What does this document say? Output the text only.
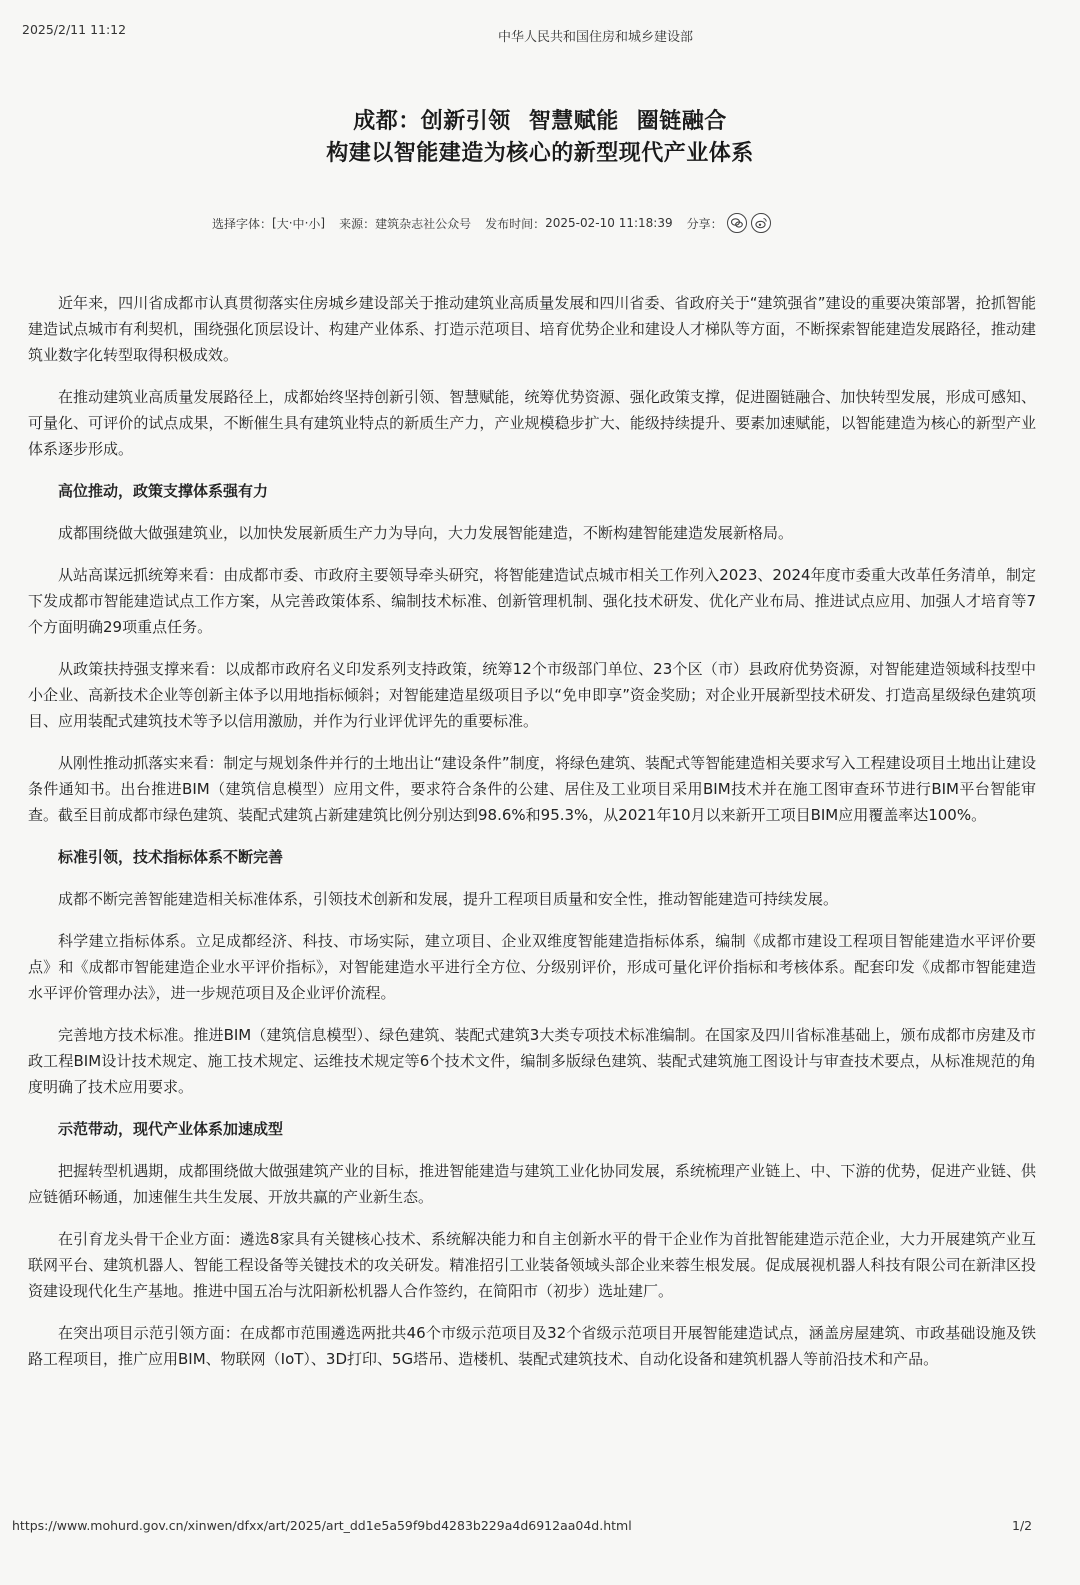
2025/2/11 11:12
中华人民共和国住房和城乡建设部
成都：创新引领 智慧赋能 圈链融合
构建以智能建造为核心的新型现代产业体系
选择字体： [ 大 · 中 · 小 ] 来源： 建筑杂志社公众号 发布时间： 2025-02-10 11:18:39 分享：

近年来，四川省成都市认真贯彻落实住房城乡建设部关于推动建筑业高质量发展和四川省委、省政府关于“建筑强省”建设的重要决策部署，抢抓智能建造试点城市有利契机，围绕强化顶层设计、构建产业体系、打造示范项目、培育优势企业和建设人才梯队等方面，不断探索智能建造发展路径，推动建筑业数字化转型取得积极成效。

在推动建筑业高质量发展路径上，成都始终坚持创新引领、智慧赋能，统筹优势资源、强化政策支撑，促进圈链融合、加快转型发展，形成可感知、可量化、可评价的试点成果，不断催生具有建筑业特点的新质生产力，产业规模稳步扩大、能级持续提升、要素加速赋能，以智能建造为核心的新型产业体系逐步形成。

高位推动，政策支撑体系强有力

成都围绕做大做强建筑业，以加快发展新质生产力为导向，大力发展智能建造，不断构建智能建造发展新格局。

从站高谋远抓统筹来看：由成都市委、市政府主要领导牵头研究，将智能建造试点城市相关工作列入2023、2024年度市委重大改革任务清单，制定下发成都市智能建造试点工作方案，从完善政策体系、编制技术标准、创新管理机制、强化技术研发、优化产业布局、推进试点应用、加强人才培育等7个方面明确29项重点任务。

从政策扶持强支撑来看：以成都市政府名义印发系列支持政策，统筹12个市级部门单位、23个区（市）县政府优势资源，对智能建造领域科技型中小企业、高新技术企业等创新主体予以用地指标倾斜；对智能建造星级项目予以“免申即享”资金奖励；对企业开展新型技术研发、打造高星级绿色建筑项目、应用装配式建筑技术等予以信用激励，并作为行业评优评先的重要标准。

从刚性推动抓落实来看：制定与规划条件并行的土地出让“建设条件”制度，将绿色建筑、装配式等智能建造相关要求写入工程建设项目土地出让建设条件通知书。出台推进BIM（建筑信息模型）应用文件，要求符合条件的公建、居住及工业项目采用BIM技术并在施工图审查环节进行BIM平台智能审查。截至目前成都市绿色建筑、装配式建筑占新建建筑比例分别达到98.6%和95.3%，从2021年10月以来新开工项目BIM应用覆盖率达100%。

标准引领，技术指标体系不断完善

成都不断完善智能建造相关标准体系，引领技术创新和发展，提升工程项目质量和安全性，推动智能建造可持续发展。

科学建立指标体系。立足成都经济、科技、市场实际，建立项目、企业双维度智能建造指标体系，编制《成都市建设工程项目智能建造水平评价要点》和《成都市智能建造企业水平评价指标》，对智能建造水平进行全方位、分级别评价，形成可量化评价指标和考核体系。配套印发《成都市智能建造水平评价管理办法》，进一步规范项目及企业评价流程。

完善地方技术标准。推进BIM（建筑信息模型）、绿色建筑、装配式建筑3大类专项技术标准编制。在国家及四川省标准基础上，颁布成都市房建及市政工程BIM设计技术规定、施工技术规定、运维技术规定等6个技术文件，编制多版绿色建筑、装配式建筑施工图设计与审查技术要点，从标准规范的角度明确了技术应用要求。

示范带动，现代产业体系加速成型

把握转型机遇期，成都围绕做大做强建筑产业的目标，推进智能建造与建筑工业化协同发展，系统梳理产业链上、中、下游的优势，促进产业链、供应链循环畅通，加速催生共生发展、开放共赢的产业新生态。

在引育龙头骨干企业方面：遴选8家具有关键核心技术、系统解决能力和自主创新水平的骨干企业作为首批智能建造示范企业，大力开展建筑产业互联网平台、建筑机器人、智能工程设备等关键技术的攻关研发。精准招引工业装备领域头部企业来蓉生根发展。促成展视机器人科技有限公司在新津区投资建设现代化生产基地。推进中国五冶与沈阳新松机器人合作签约，在简阳市（初步）选址建厂。

在突出项目示范引领方面：在成都市范围遴选两批共46个市级示范项目及32个省级示范项目开展智能建造试点，涵盖房屋建筑、市政基础设施及铁路工程项目，推广应用BIM、物联网（IoT）、3D打印、5G塔吊、造楼机、装配式建筑技术、自动化设备和建筑机器人等前沿技术和产品。

https://www.mohurd.gov.cn/xinwen/dfxx/art/2025/art_dd1e5a59f9bd4283b229a4d6912aa04d.html	1/2
